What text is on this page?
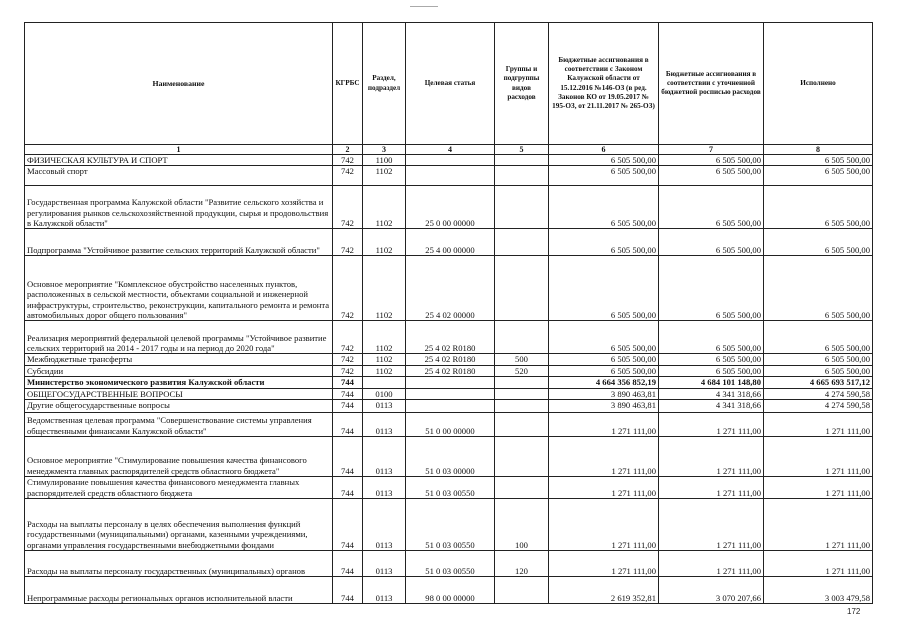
Наименование	КГРБС	Раздел, подраздел	Целевая статья	Группы и подгруппы видов расходов	Бюджетные ассигнования в соответствии с Законом Калужской области от 15.12.2016 №146-ОЗ (в ред. Законов КО от 19.05.2017 № 195-ОЗ, от 21.11.2017 № 265-ОЗ)	Бюджетные ассигнования в соответствии с уточненной бюджетной росписью расходов	Исполнено
1	2	3	4	5	6	7	8
ФИЗИЧЕСКАЯ КУЛЬТУРА И СПОРТ	742	1100			6 505 500,00	6 505 500,00	6 505 500,00
Массовый спорт	742	1102			6 505 500,00	6 505 500,00	6 505 500,00
Государственная программа Калужской области "Развитие сельского хозяйства и регулирования рынков сельскохозяйственной продукции, сырья и продовольствия в Калужской области"	742	1102	25 0 00 00000		6 505 500,00	6 505 500,00	6 505 500,00
Подпрограмма "Устойчивое развитие сельских территорий Калужской области"	742	1102	25 4 00 00000		6 505 500,00	6 505 500,00	6 505 500,00
Основное мероприятие "Комплексное обустройство населенных пунктов, расположенных в сельской местности, объектами социальной и инженерной инфраструктуры, строительство, реконструкции, капитального ремонта и ремонта автомобильных дорог общего пользования"	742	1102	25 4 02 00000		6 505 500,00	6 505 500,00	6 505 500,00
Реализация мероприятий федеральной целевой программы "Устойчивое развитие сельских территорий на 2014 - 2017 годы и на период до 2020 года"	742	1102	25 4 02 R0180		6 505 500,00	6 505 500,00	6 505 500,00
Межбюджетные трансферты	742	1102	25 4 02 R0180	500	6 505 500,00	6 505 500,00	6 505 500,00
Субсидии	742	1102	25 4 02 R0180	520	6 505 500,00	6 505 500,00	6 505 500,00
Министерство экономического развития Калужской области	744				4 664 356 852,19	4 684 101 148,80	4 665 693 517,12
ОБЩЕГОСУДАРСТВЕННЫЕ ВОПРОСЫ	744	0100			3 890 463,81	4 341 318,66	4 274 590,58
Другие общегосударственные вопросы	744	0113			3 890 463,81	4 341 318,66	4 274 590,58
Ведомственная целевая программа "Совершенствование системы управления общественными финансами Калужской области"	744	0113	51 0 00 00000		1 271 111,00	1 271 111,00	1 271 111,00
Основное мероприятие "Стимулирование повышения качества финансового менеджмента главных распорядителей средств областного бюджета"	744	0113	51 0 03 00000		1 271 111,00	1 271 111,00	1 271 111,00
Стимулирование повышения качества финансового менеджмента главных распорядителей средств областного бюджета	744	0113	51 0 03 00550		1 271 111,00	1 271 111,00	1 271 111,00
Расходы на выплаты персоналу в целях обеспечения выполнения функций государственными (муниципальными) органами, казенными учреждениями, органами управления государственными внебюджетными фондами	744	0113	51 0 03 00550	100	1 271 111,00	1 271 111,00	1 271 111,00
Расходы на выплаты персоналу государственных (муниципальных) органов	744	0113	51 0 03 00550	120	1 271 111,00	1 271 111,00	1 271 111,00
Непрограммные расходы региональных органов исполнительной власти	744	0113	98 0 00 00000		2 619 352,81	3 070 207,66	3 003 479,58
172
